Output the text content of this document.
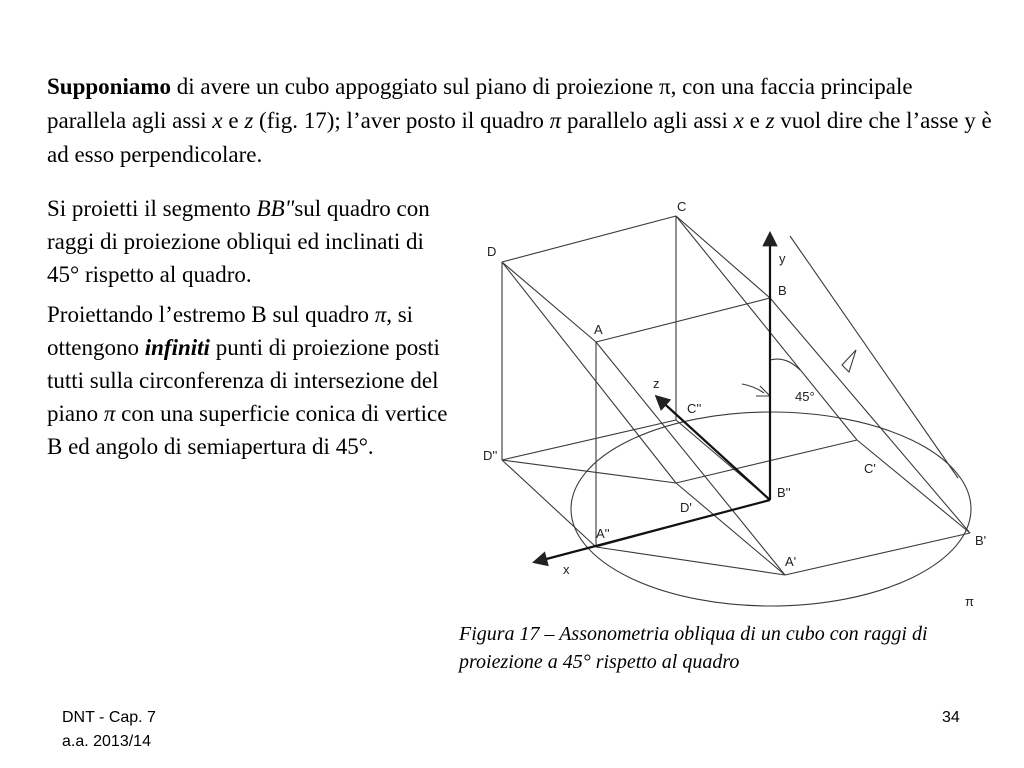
Supponiamo di avere un cubo appoggiato sul piano di proiezione π, con una faccia principale parallela agli assi x e z (fig. 17); l’aver posto il quadro π parallelo agli assi x e z vuol dire che l’asse y è ad esso perpendicolare.

Si proietti il segmento BB"sul quadro con raggi di proiezione obliqui ed inclinati di 45° rispetto al quadro.

Proiettando l’estremo B sul quadro π, si ottengono infiniti punti di proiezione posti tutti sulla circonferenza di intersezione del piano π con una superficie conica di vertice B ed angolo di semiapertura di 45°.

C
D
A
B
y
z
C''
45°
D''
C'
B''
D'
A''	B'
A'
x
π

Figura 17 – Assonometria obliqua di un cubo con raggi di proiezione a 45° rispetto al quadro

DNT - Cap. 7
a.a. 2013/14
34
